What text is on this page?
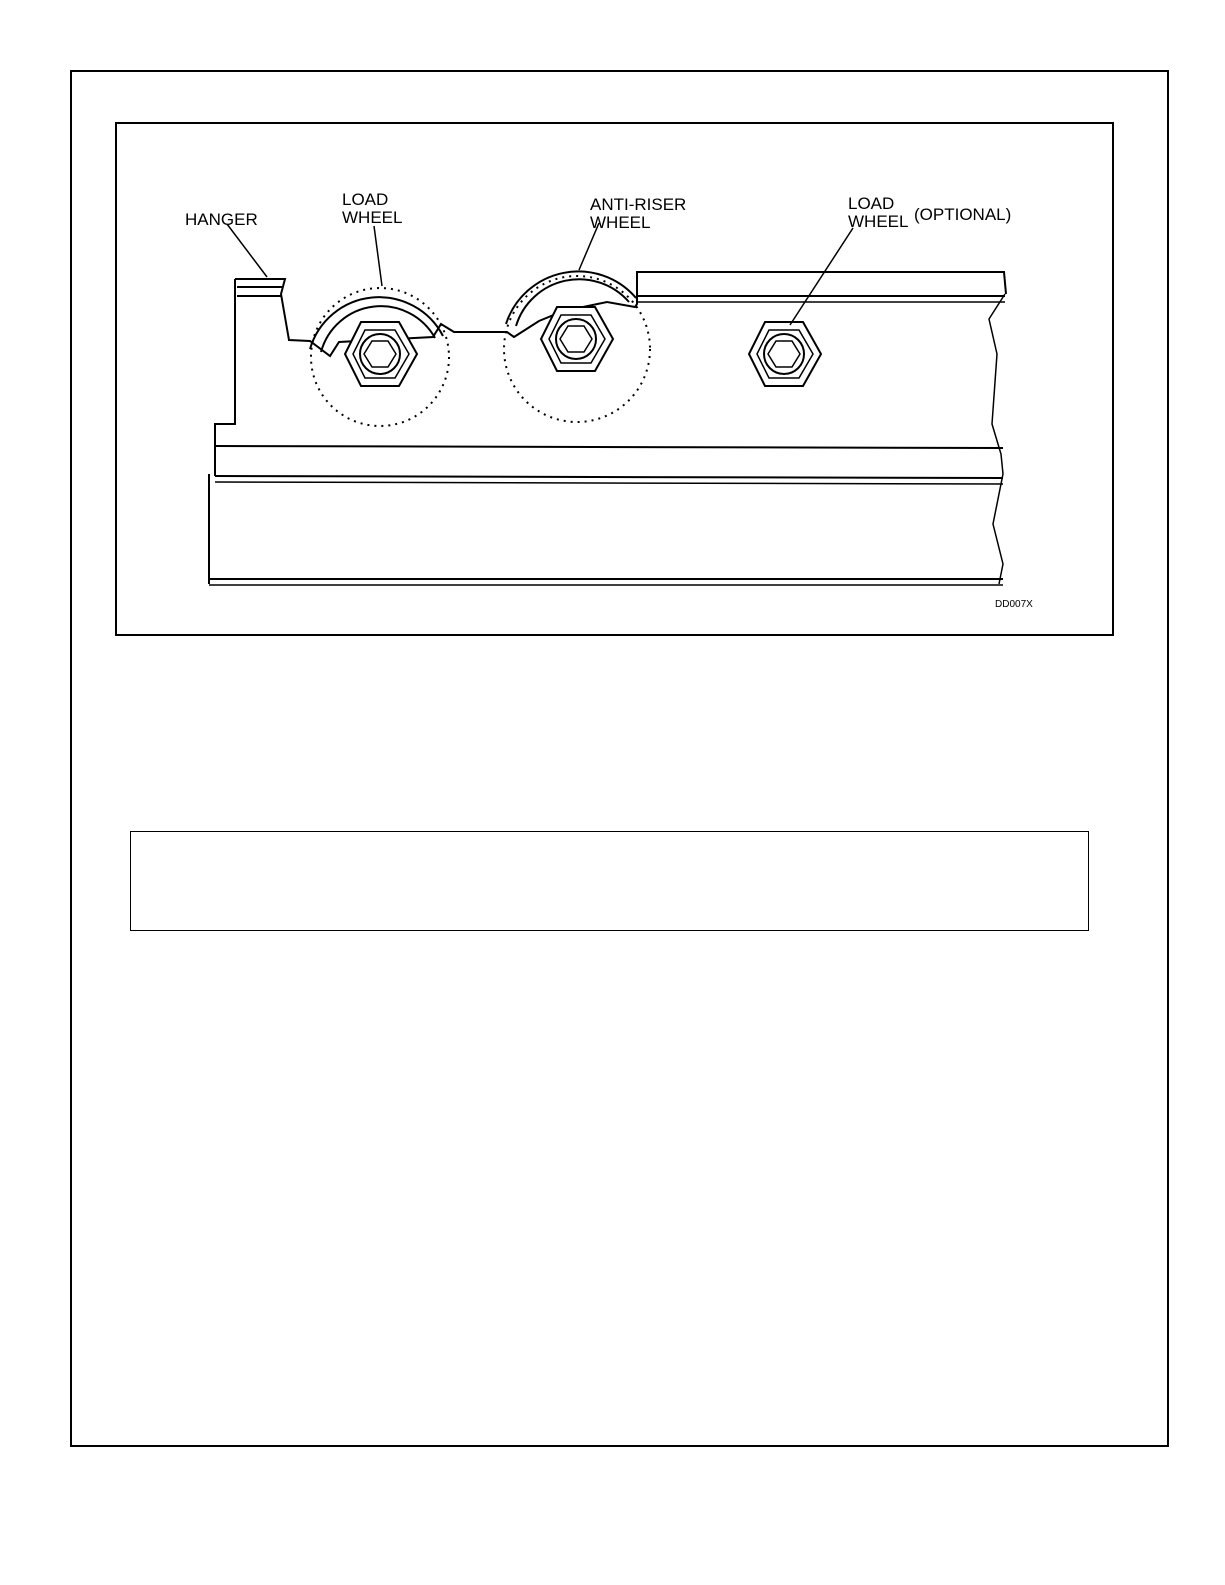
HANGER
LOAD
WHEEL
ANTI-RISER
WHEEL
LOAD
WHEEL (OPTIONAL)
DD007X
